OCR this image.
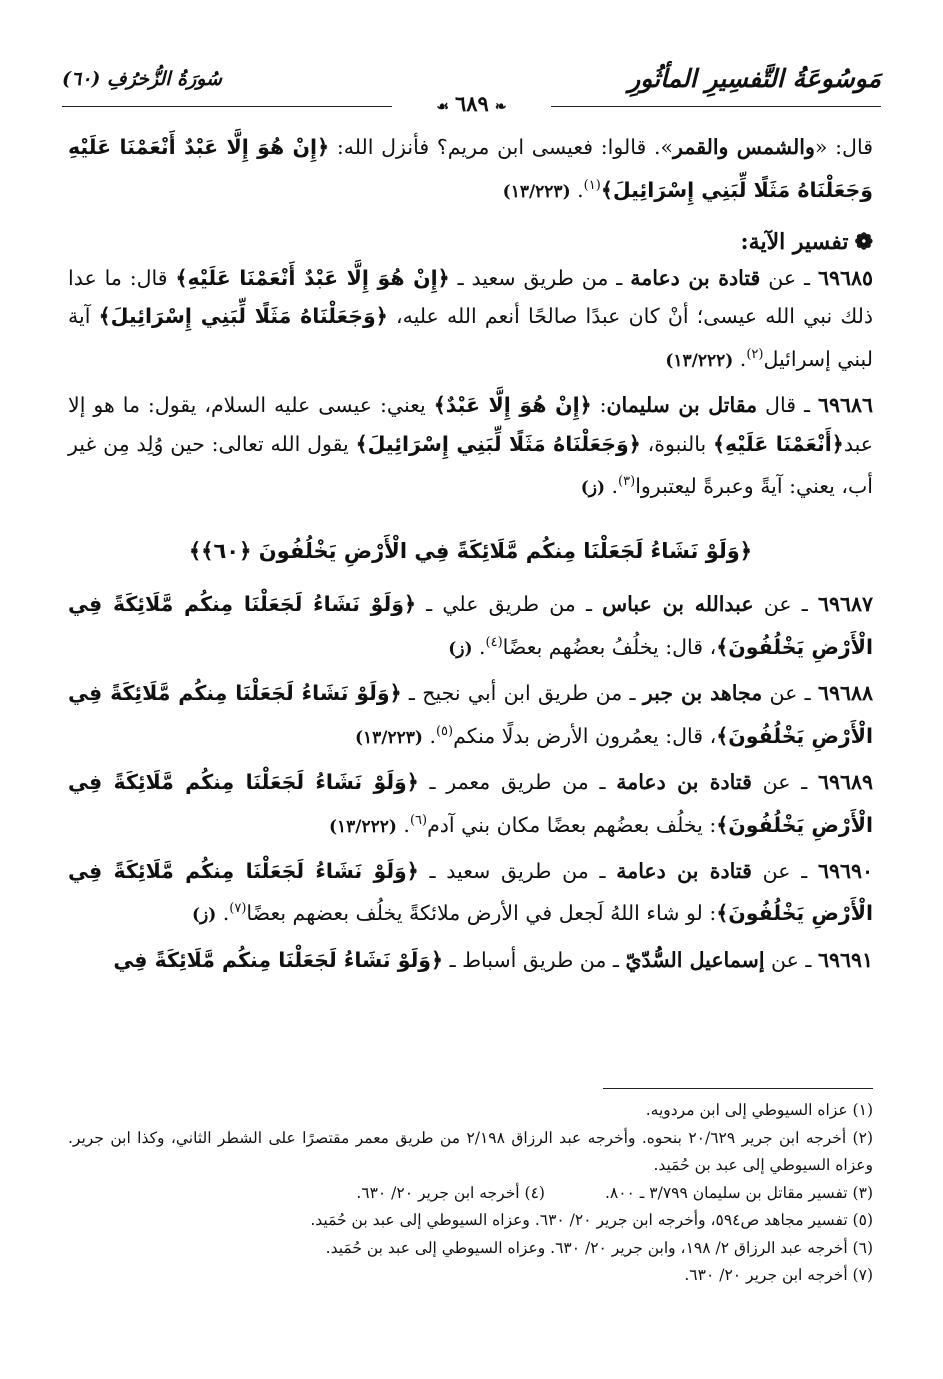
مَوسُوعَةُ التَّفسِيرِ المأثُورِ
سُورَةُ الزُّخرُفِ (٦٠)
❧٦٨٩☙

قال: «والشمس والقمر». قالوا: فعيسى ابن مريم؟ فأنزل الله: ﴿إِنْ هُوَ إِلَّا عَبْدٌ أَنْعَمْنَا عَلَيْهِ وَجَعَلْنَاهُ مَثَلًا لِّبَنِي إِسْرَائِيلَ﴾$^{(١)}$. (١٣/٢٢٣)

❁تفسير الآية:

٦٩٦٨٥ ـ عن قتادة بن دعامة ـ من طريق سعيد ـ ﴿إِنْ هُوَ إِلَّا عَبْدٌ أَنْعَمْنَا عَلَيْهِ﴾ قال: ما عدا ذلك نبي الله عيسى؛ أنْ كان عبدًا صالحًا أنعم الله عليه، ﴿وَجَعَلْنَاهُ مَثَلًا لِّبَنِي إِسْرَائِيلَ﴾ آية لبني إسرائيل$^{(٢)}$. (١٣/٢٢٢)

٦٩٦٨٦ ـ قال مقاتل بن سليمان: ﴿إِنْ هُوَ إِلَّا عَبْدٌ﴾ يعني: عيسى عليه السلام، يقول: ما هو إلا عبد﴿أَنْعَمْنَا عَلَيْهِ﴾ بالنبوة، ﴿وَجَعَلْنَاهُ مَثَلًا لِّبَنِي إِسْرَائِيلَ﴾ يقول الله تعالى: حين وُلِد مِن غير أب، يعني: آيةً وعبرةً ليعتبروا$^{(٣)}$. (ز)

﴿وَلَوْ نَشَاءُ لَجَعَلْنَا مِنكُم مَّلَائِكَةً فِي الْأَرْضِ يَخْلُفُونَ ﴿٦٠﴾﴾

٦٩٦٨٧ ـ عن عبدالله بن عباس ـ من طريق علي ـ ﴿وَلَوْ نَشَاءُ لَجَعَلْنَا مِنكُم مَّلَائِكَةً فِي الْأَرْضِ يَخْلُفُونَ﴾، قال: يخلُفُ بعضُهم بعضًا$^{(٤)}$. (ز)

٦٩٦٨٨ ـ عن مجاهد بن جبر ـ من طريق ابن أبي نجيح ـ ﴿وَلَوْ نَشَاءُ لَجَعَلْنَا مِنكُم مَّلَائِكَةً فِي الْأَرْضِ يَخْلُفُونَ﴾، قال: يعمُرون الأرض بدلًا منكم$^{(٥)}$. (١٣/٢٢٣)

٦٩٦٨٩ ـ عن قتادة بن دعامة ـ من طريق معمر ـ ﴿وَلَوْ نَشَاءُ لَجَعَلْنَا مِنكُم مَّلَائِكَةً فِي الْأَرْضِ يَخْلُفُونَ﴾: يخلُف بعضُهم بعضًا مكان بني آدم$^{(٦)}$. (١٣/٢٢٢)

٦٩٦٩٠ ـ عن قتادة بن دعامة ـ من طريق سعيد ـ ﴿وَلَوْ نَشَاءُ لَجَعَلْنَا مِنكُم مَّلَائِكَةً فِي الْأَرْضِ يَخْلُفُونَ﴾: لو شاء اللهُ لَجعل في الأرض ملائكةً يخلُف بعضهم بعضًا$^{(٧)}$. (ز)

٦٩٦٩١ ـ عن إسماعيل السُّدّيّ ـ من طريق أسباط ـ ﴿وَلَوْ نَشَاءُ لَجَعَلْنَا مِنكُم مَّلَائِكَةً فِي

(١) عزاه السيوطي إلى ابن مردويه.

(٢) أخرجه ابن جرير ٢٠/٦٢٩ بنحوه. وأخرجه عبد الرزاق ٢/١٩٨ من طريق معمر مقتصرًا على الشطر الثاني، وكذا ابن جرير. وعزاه السيوطي إلى عبد بن حُمَيد.

(٣) تفسير مقاتل بن سليمان ٣/٧٩٩ ـ ٨٠٠.
(٤) أخرجه ابن جرير ٢٠/ ٦٣٠.

(٥) تفسير مجاهد ص٥٩٤، وأخرجه ابن جرير ٢٠/ ٦٣٠. وعزاه السيوطي إلى عبد بن حُمَيد.

(٦) أخرجه عبد الرزاق ٢/ ١٩٨، وابن جرير ٢٠/ ٦٣٠. وعزاه السيوطي إلى عبد بن حُمَيد.

(٧) أخرجه ابن جرير ٢٠/ ٦٣٠.
